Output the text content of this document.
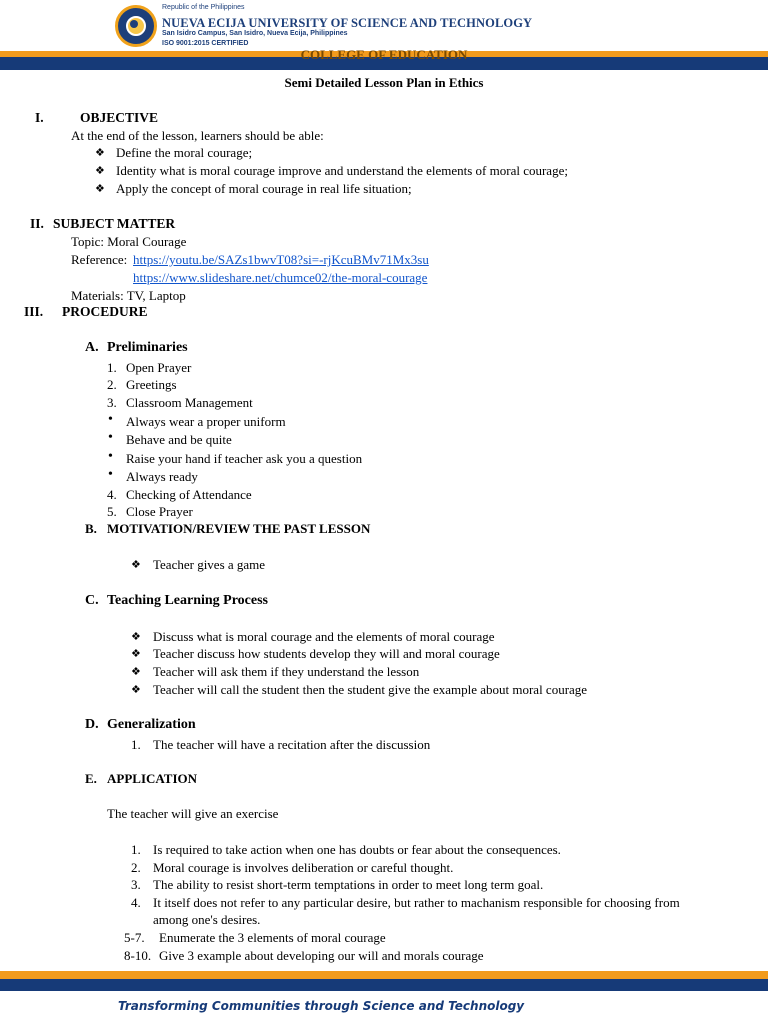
Republic of the Philippines
NUEVA ECIJA UNIVERSITY OF SCIENCE AND TECHNOLOGY
San Isidro Campus, San Isidro, Nueva Ecija, Philippines
ISO 9001:2015 CERTIFIED
COLLEGE OF EDUCATION
Semi Detailed Lesson Plan in Ethics
I.	OBJECTIVE
At the end of the lesson, learners should be able:
❖ Define the moral courage;
❖ Identity what is moral courage improve and understand the elements of moral courage;
❖ Apply the concept of moral courage in real life situation;
II. SUBJECT MATTER
Topic: Moral Courage
Reference: https://youtu.be/SAZs1bwvT08?si=-rjKcuBMv71Mx3su
https://www.slideshare.net/chumce02/the-moral-courage
Materials: TV, Laptop
III. PROCEDURE
A. Preliminaries
1. Open Prayer
2. Greetings
3. Classroom Management
• Always wear a proper uniform
• Behave and be quite
• Raise your hand if teacher ask you a question
• Always ready
4. Checking of Attendance
5. Close Prayer
B. MOTIVATION/REVIEW THE PAST LESSON
❖ Teacher gives a game
C. Teaching Learning Process
❖ Discuss what is moral courage and the elements of moral courage
❖ Teacher discuss how students develop they will and moral courage
❖ Teacher will ask them if they understand the lesson
❖ Teacher will call the student then the student give the example about moral courage
D. Generalization
1. The teacher will have a recitation after the discussion
E. APPLICATION
The teacher will give an exercise
1. Is required to take action when one has doubts or fear about the consequences.
2. Moral courage is involves deliberation or careful thought.
3. The ability to resist short-term temptations in order to meet long term goal.
4. It itself does not refer to any particular desire, but rather to machanism responsible for choosing from
among one's desires.
5-7. Enumerate the 3 elements of moral courage
8-10. Give 3 example about developing our will and morals courage
Transforming Communities through Science and Technology
